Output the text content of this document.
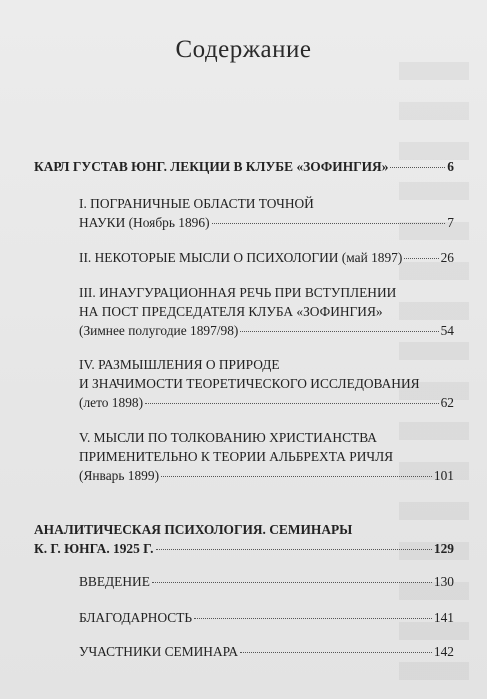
Содержание
КАРЛ ГУСТАВ ЮНГ. ЛЕКЦИИ В КЛУБЕ «ЗОФИНГИЯ»	6
I. ПОГРАНИЧНЫЕ ОБЛАСТИ ТОЧНОЙ
НАУКИ (Ноябрь 1896)	7
II. НЕКОТОРЫЕ МЫСЛИ О ПСИХОЛОГИИ (май 1897)	26
III. ИНАУГУРАЦИОННАЯ РЕЧЬ ПРИ ВСТУПЛЕНИИ
НА ПОСТ ПРЕДСЕДАТЕЛЯ КЛУБА «ЗОФИНГИЯ»
(Зимнее полугодие 1897/98)	54
IV. РАЗМЫШЛЕНИЯ О ПРИРОДЕ
И ЗНАЧИМОСТИ ТЕОРЕТИЧЕСКОГО ИССЛЕДОВАНИЯ
(лето 1898)	62
V. МЫСЛИ ПО ТОЛКОВАНИЮ ХРИСТИАНСТВА
ПРИМЕНИТЕЛЬНО К ТЕОРИИ АЛЬБРЕХТА РИЧЛЯ
(Январь 1899)	101
АНАЛИТИЧЕСКАЯ ПСИХОЛОГИЯ. СЕМИНАРЫ
К. Г. ЮНГА. 1925 Г.	129
ВВЕДЕНИЕ	130
БЛАГОДАРНОСТЬ	141
УЧАСТНИКИ СЕМИНАРА	142
